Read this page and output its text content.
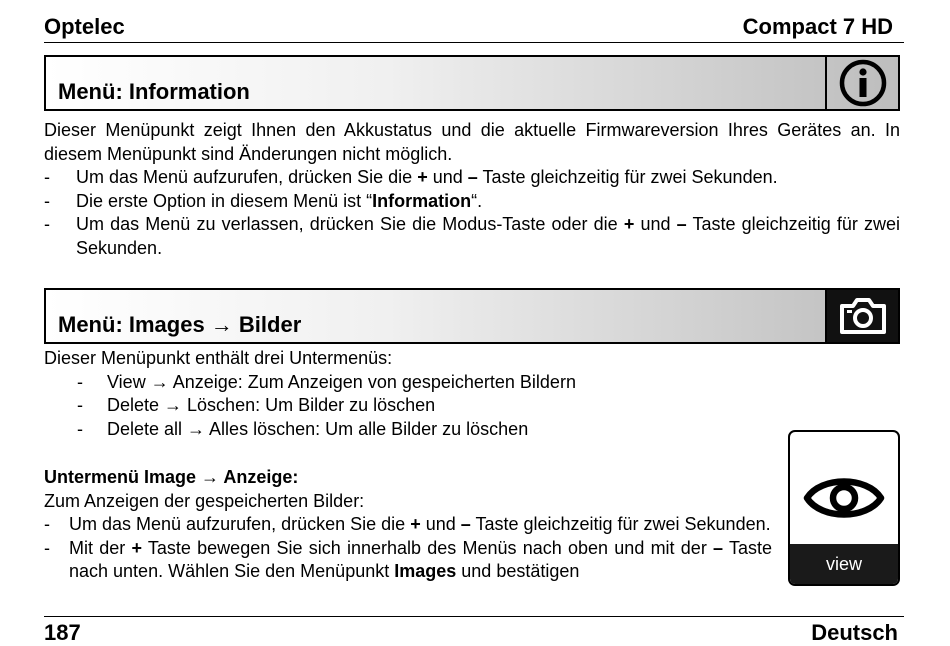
Optelec	Compact 7 HD
Menü: Information
Dieser Menüpunkt zeigt Ihnen den Akkustatus und die aktuelle Firmwareversion Ihres Gerätes an. In diesem Menüpunkt sind Änderungen nicht möglich.
- Um das Menü aufzurufen, drücken Sie die + und – Taste gleichzeitig für zwei Sekunden.
- Die erste Option in diesem Menü ist “Information“.
- Um das Menü zu verlassen, drücken Sie die Modus-Taste oder die + und – Taste gleichzeitig für zwei Sekunden.
Menü: Images → Bilder
Dieser Menüpunkt enthält drei Untermenüs:
- View → Anzeige: Zum Anzeigen von gespeicherten Bildern
- Delete → Löschen: Um Bilder zu löschen
- Delete all → Alles löschen: Um alle Bilder zu löschen
Untermenü Image → Anzeige:
Zum Anzeigen der gespeicherten Bilder:
- Um das Menü aufzurufen, drücken Sie die + und – Taste gleichzeitig für zwei Sekunden.
- Mit der + Taste bewegen Sie sich innerhalb des Menüs nach oben und mit der – Taste nach unten. Wählen Sie den Menüpunkt Images und bestätigen	view
187	Deutsch
